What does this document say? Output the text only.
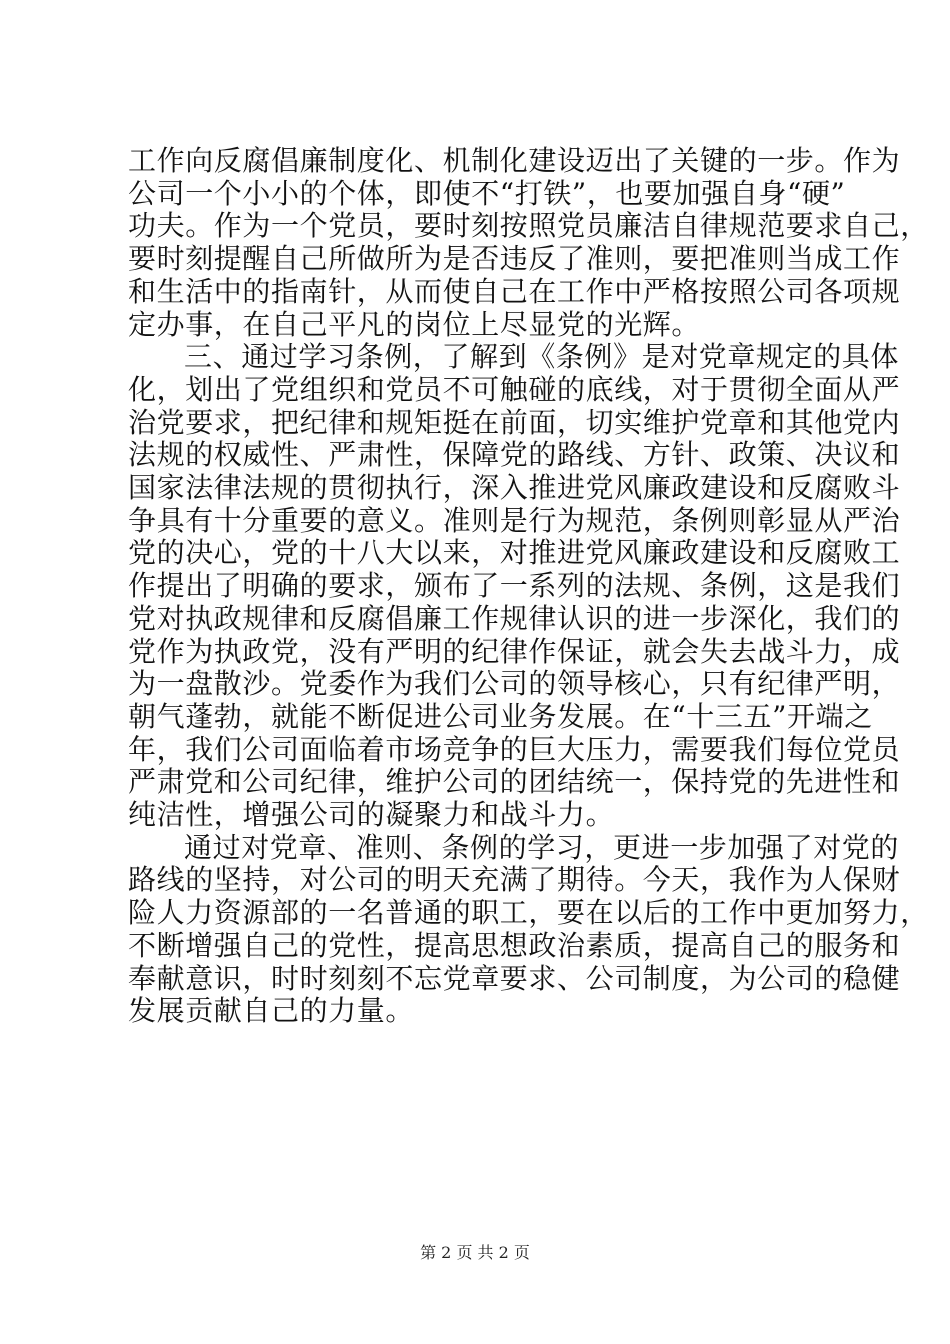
工作向反腐倡廉制度化、机制化建设迈出了关键的一步。作为
公司一个小小的个体，即使不“打铁”，也要加强自身“硬”
功夫。作为一个党员，要时刻按照党员廉洁自律规范要求自己，
要时刻提醒自己所做所为是否违反了准则，要把准则当成工作
和生活中的指南针，从而使自己在工作中严格按照公司各项规
定办事，在自己平凡的岗位上尽显党的光辉。
三、通过学习条例，了解到《条例》是对党章规定的具体
化，划出了党组织和党员不可触碰的底线，对于贯彻全面从严
治党要求，把纪律和规矩挺在前面，切实维护党章和其他党内
法规的权威性、严肃性，保障党的路线、方针、政策、决议和
国家法律法规的贯彻执行，深入推进党风廉政建设和反腐败斗
争具有十分重要的意义。准则是行为规范，条例则彰显从严治
党的决心，党的十八大以来，对推进党风廉政建设和反腐败工
作提出了明确的要求，颁布了一系列的法规、条例，这是我们
党对执政规律和反腐倡廉工作规律认识的进一步深化，我们的
党作为执政党，没有严明的纪律作保证，就会失去战斗力，成
为一盘散沙。党委作为我们公司的领导核心，只有纪律严明，
朝气蓬勃，就能不断促进公司业务发展。在“十三五”开端之
年，我们公司面临着市场竞争的巨大压力，需要我们每位党员
严肃党和公司纪律，维护公司的团结统一，保持党的先进性和
纯洁性，增强公司的凝聚力和战斗力。
通过对党章、准则、条例的学习，更进一步加强了对党的
路线的坚持，对公司的明天充满了期待。今天，我作为人保财
险人力资源部的一名普通的职工，要在以后的工作中更加努力，
不断增强自己的党性，提高思想政治素质，提高自己的服务和
奉献意识，时时刻刻不忘党章要求、公司制度，为公司的稳健
发展贡献自己的力量。
第 2 页 共 2 页
